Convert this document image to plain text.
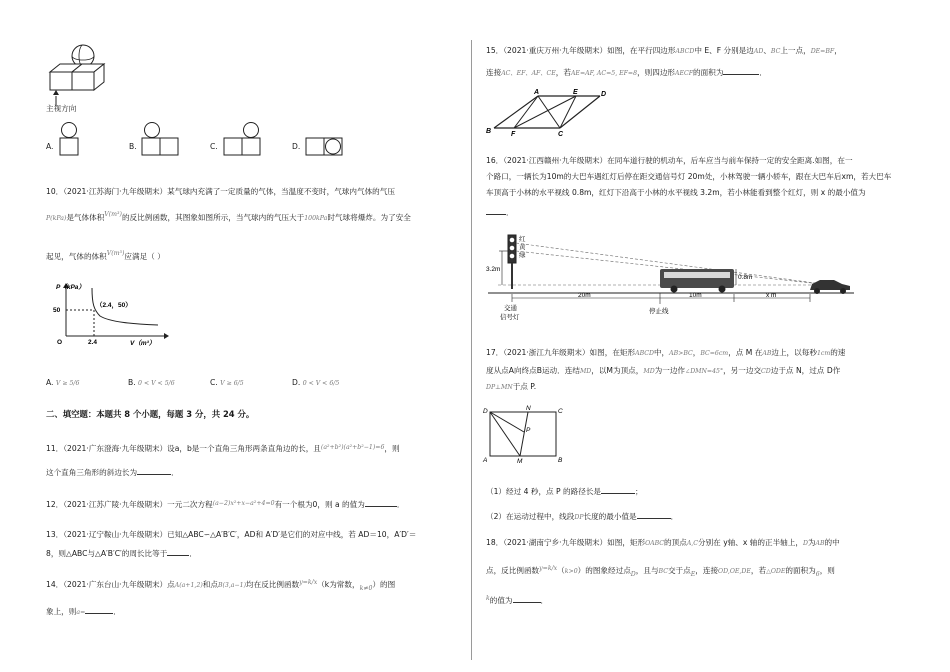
主视方向
A.	B.	C.	D.
10．（2021·江苏海门·九年级期末）某气球内充满了一定质量的气体，当温度不变时，气球内气体的气压
P(kPa)是气体体积$^{V(m^3)}$的反比例函数，其图象如图所示，当气球内的气压大于100kPa时气球将爆炸。为了安全
起见，气体的体积$^{V(m^3)}$应满足（ ）
P（kPa）
O
50
2.4
（2.4，50）
V（m³）
A. V ≥ 5/6	B. 0 < V < 5/6	C. V ≥ 6/5	D. 0 < V < 6/5
二、填空题：本题共 8 个小题，每题 3 分，共 24 分。
11．（2021·广东澄海·九年级期末）设a，b是一个直角三角形两条直角边的长，且$^{(a^2+b^2)(a^2+b^2-1)=6}$，则
这个直角三角形的斜边长为	．
12．（2021·江苏广陵·九年级期末）一元二次方程$^{(a-2)x^2+x-a^2+4=0}$有一个根为0，则 a 的值为	．
13．（2021·辽宁鞍山·九年级期末）已知△ABC∽△A′B′C′，AD和 A′D′是它们的对应中线，若 AD＝10，A′D′＝
8，则△ABC与△A′B′C′的周长比等于	．
14．（2021·广东台山·九年级期末）点A(a+1,2)和点B(3,a−1)均在反比例函数$^{y=k/x}$（k为常数，$_{k\ne 0}$）的图
象上，则a=	．
15．（2021·重庆万州·九年级期末）如图，在平行四边形ABCD中 E、F 分别是边AD、BC上一点，DE=BF，
连接AC、EF、AF、CE，若AE=AF, AC=5, EF=8，则四边形AECF的面积为	．
A	E	D
B	F	C
16．（2021·江西赣州·九年级期末）在同车道行驶的机动车，后车应当与前车保持一定的安全距离.如图，在一
个路口，一辆长为10m的大巴车遇红灯后停在距交通信号灯 20m处，小林驾驶一辆小轿车，跟在大巴车后xm，若大巴车
车顶高于小林的水平视线 0.8m，红灯下沿高于小林的水平视线 3.2m，若小林能看到整个红灯，则 x 的最小值为
．
红
黄
绿
3.2m
0.8m
20m	10m	x m
交通
信号灯
停止线
17．（2021·浙江九年级期末）如图，在矩形ABCD中，AB>BC，BC=6cm，点 M 在AB边上，以每秒1cm的速
度从点A向终点B运动．连结MD，以M为顶点，MD为一边作∠DMN=45°，另一边交CD边于点 N，过点 D作
DP⊥MN于点 P.
D	N	C
P
A	M	B
（1）经过 4 秒，点 P 的路径长是	；
（2）在运动过程中，线段DP长度的最小值是	．
18．（2021·湖南宁乡·九年级期末）如图，矩形OABC的顶点A,C分别在 y轴、x 轴的正半轴上，D为AB的中
点，反比例函数$^{y=k/x}$（k>0）的图象经过点$_D$，且与BC交于点$_E$，连接OD,OE,DE，若△ODE的面积为$_6$，则
$^k$的值为	．
